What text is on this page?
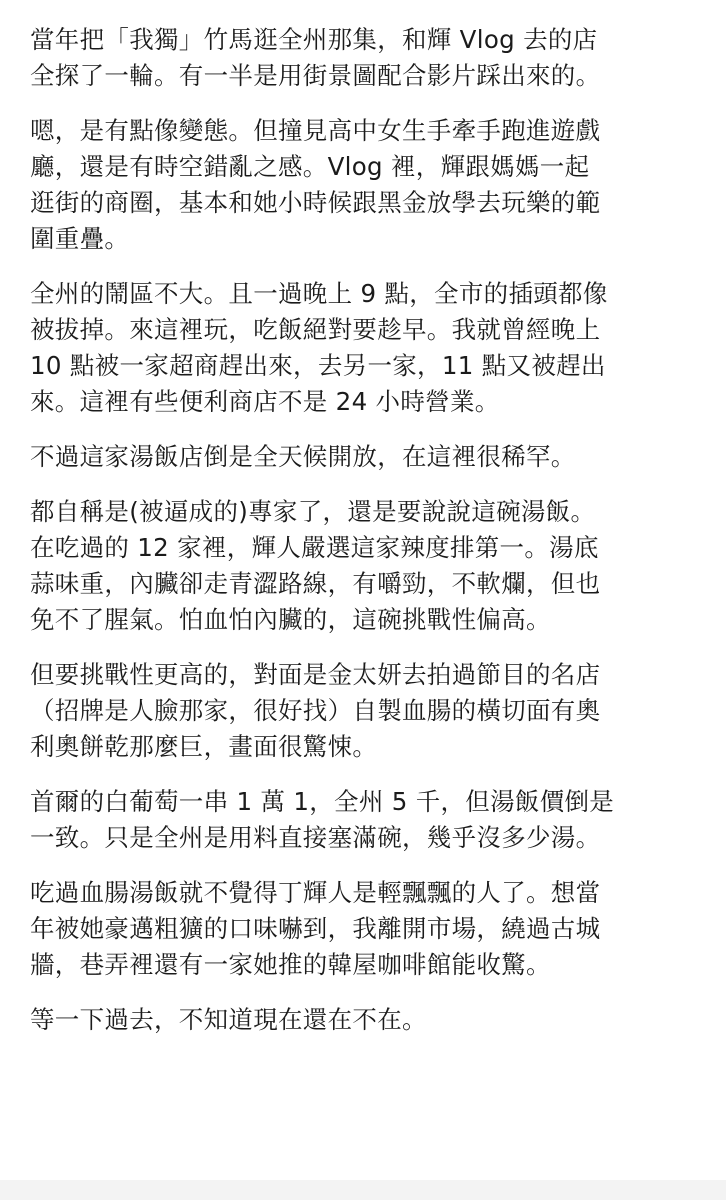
當年把「我獨」竹馬逛全州那集，和輝 Vlog 去的店
全探了一輪。有一半是用街景圖配合影片踩出來的。

嗯，是有點像變態。但撞見高中女生手牽手跑進遊戲
廳，還是有時空錯亂之感。Vlog 裡，輝跟媽媽一起
逛街的商圈，基本和她小時候跟黑金放學去玩樂的範
圍重疊。

全州的鬧區不大。且一過晚上 9 點，全市的插頭都像
被拔掉。來這裡玩，吃飯絕對要趁早。我就曾經晚上
10 點被一家超商趕出來，去另一家，11 點又被趕出
來。這裡有些便利商店不是 24 小時營業。

不過這家湯飯店倒是全天候開放，在這裡很稀罕。

都自稱是(被逼成的)專家了，還是要說說這碗湯飯。
在吃過的 12 家裡，輝人嚴選這家辣度排第一。湯底
蒜味重，內臟卻走青澀路線，有嚼勁，不軟爛，但也
免不了腥氣。怕血怕內臟的，這碗挑戰性偏高。

但要挑戰性更高的，對面是金太妍去拍過節目的名店
（招牌是人臉那家，很好找）自製血腸的橫切面有奧
利奧餅乾那麼巨，畫面很驚悚。

首爾的白葡萄一串 1 萬 1，全州 5 千，但湯飯價倒是
一致。只是全州是用料直接塞滿碗，幾乎沒多少湯。

吃過血腸湯飯就不覺得丁輝人是輕飄飄的人了。想當
年被她豪邁粗獷的口味嚇到，我離開市場，繞過古城
牆，巷弄裡還有一家她推的韓屋咖啡館能收驚。

等一下過去，不知道現在還在不在。
